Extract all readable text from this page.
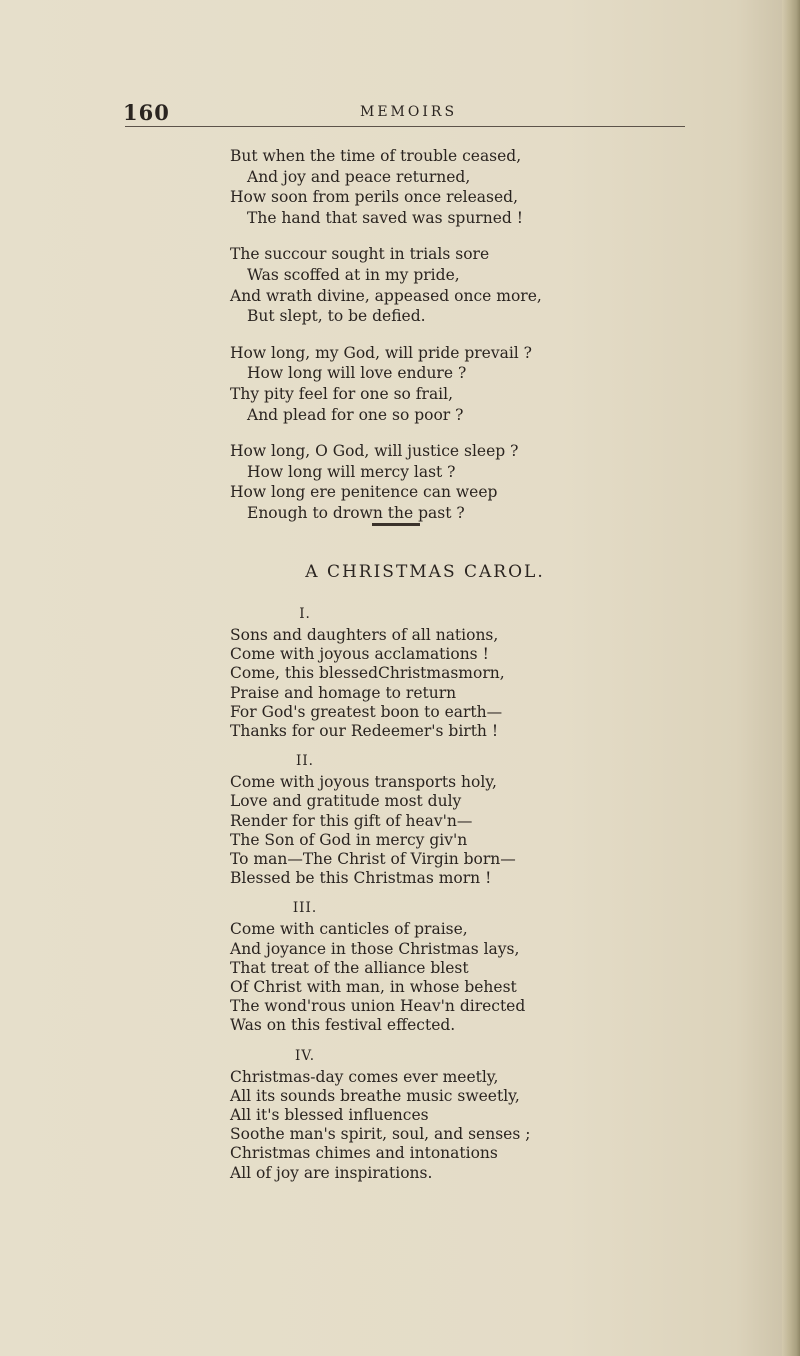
160	MEMOIRS
But when the time of trouble ceased,
And joy and peace returned,
How soon from perils once released,
The hand that saved was spurned !
The succour sought in trials sore
Was scoffed at in my pride,
And wrath divine, appeased once more,
But slept, to be defied.
How long, my God, will pride prevail ?
How long will love endure ?
Thy pity feel for one so frail,
And plead for one so poor ?
How long, O God, will justice sleep ?
How long will mercy last ?
How long ere penitence can weep
Enough to drown the past ?
A CHRISTMAS CAROL.
I.
Sons and daughters of all nations,
Come with joyous acclamations !
Come, this blessedChristmasmorn,
Praise and homage to return
For God's greatest boon to earth—
Thanks for our Redeemer's birth !
II.
Come with joyous transports holy,
Love and gratitude most duly
Render for this gift of heav'n—
The Son of God in mercy giv'n
To man—The Christ of Virgin born—
Blessed be this Christmas morn !
III.
Come with canticles of praise,
And joyance in those Christmas lays,
That treat of the alliance blest
Of Christ with man, in whose behest
The wond'rous union Heav'n directed
Was on this festival effected.
IV.
Christmas-day comes ever meetly,
All its sounds breathe music sweetly,
All it's blessed influences
Soothe man's spirit, soul, and senses ;
Christmas chimes and intonations
All of joy are inspirations.
